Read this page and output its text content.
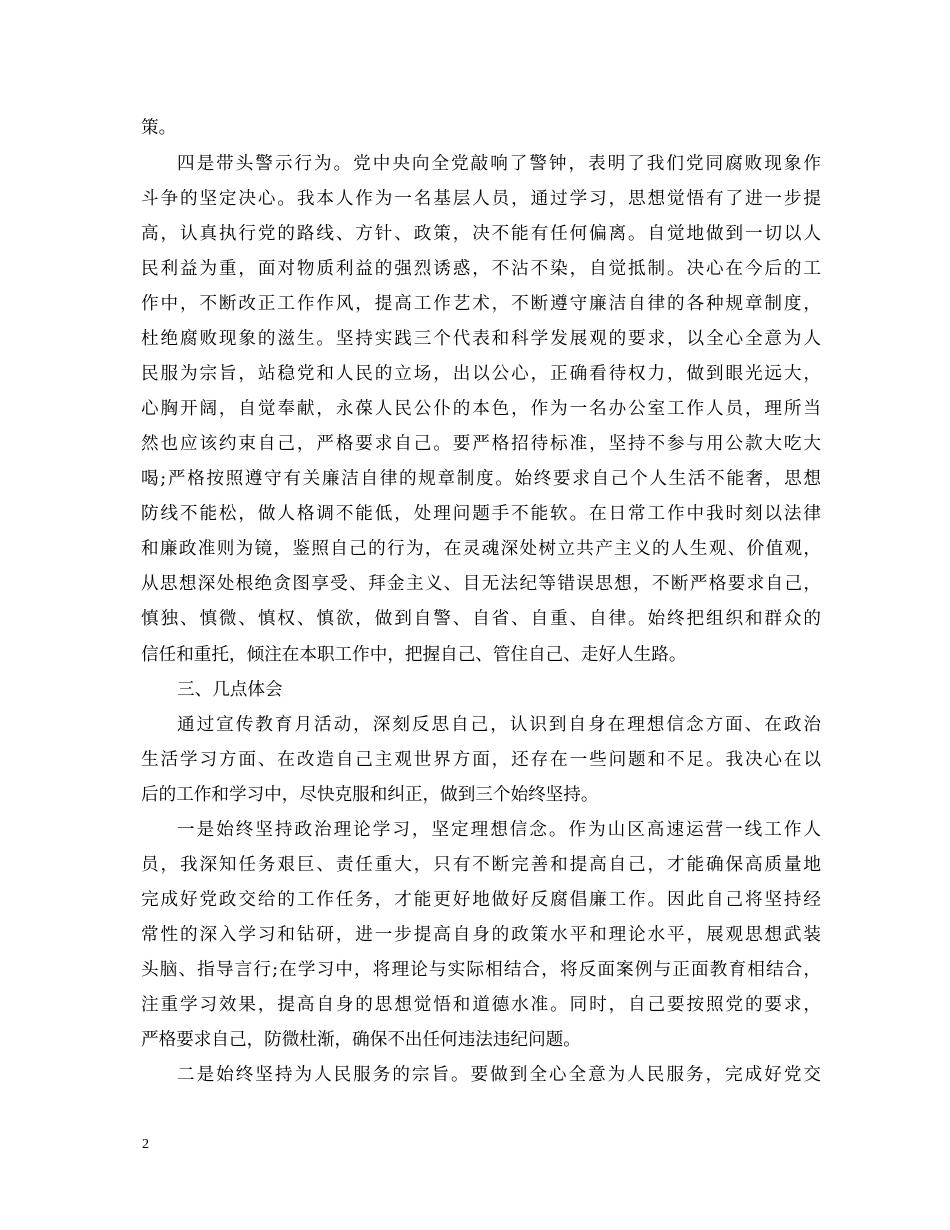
策。
四是带头警示行为。党中央向全党敲响了警钟，表明了我们党同腐败现象作
斗争的坚定决心。我本人作为一名基层人员，通过学习，思想觉悟有了进一步提
高，认真执行党的路线、方针、政策，决不能有任何偏离。自觉地做到一切以人
民利益为重，面对物质利益的强烈诱惑，不沾不染，自觉抵制。决心在今后的工
作中，不断改正工作作风，提高工作艺术，不断遵守廉洁自律的各种规章制度，
杜绝腐败现象的滋生。坚持实践三个代表和科学发展观的要求，以全心全意为人
民服为宗旨，站稳党和人民的立场，出以公心，正确看待权力，做到眼光远大，
心胸开阔，自觉奉献，永葆人民公仆的本色，作为一名办公室工作人员，理所当
然也应该约束自己，严格要求自己。要严格招待标准，坚持不参与用公款大吃大
喝;严格按照遵守有关廉洁自律的规章制度。始终要求自己个人生活不能奢，思想
防线不能松，做人格调不能低，处理问题手不能软。在日常工作中我时刻以法律
和廉政准则为镜，鉴照自己的行为，在灵魂深处树立共产主义的人生观、价值观，
从思想深处根绝贪图享受、拜金主义、目无法纪等错误思想，不断严格要求自己，
慎独、慎微、慎权、慎欲，做到自警、自省、自重、自律。始终把组织和群众的
信任和重托，倾注在本职工作中，把握自己、管住自己、走好人生路。
三、几点体会
通过宣传教育月活动，深刻反思自己，认识到自身在理想信念方面、在政治
生活学习方面、在改造自己主观世界方面，还存在一些问题和不足。我决心在以
后的工作和学习中，尽快克服和纠正，做到三个始终坚持。
一是始终坚持政治理论学习，坚定理想信念。作为山区高速运营一线工作人
员，我深知任务艰巨、责任重大，只有不断完善和提高自己，才能确保高质量地
完成好党政交给的工作任务，才能更好地做好反腐倡廉工作。因此自己将坚持经
常性的深入学习和钻研，进一步提高自身的政策水平和理论水平，展观思想武装
头脑、指导言行;在学习中，将理论与实际相结合，将反面案例与正面教育相结合，
注重学习效果，提高自身的思想觉悟和道德水准。同时，自己要按照党的要求，
严格要求自己，防微杜渐，确保不出任何违法违纪问题。
二是始终坚持为人民服务的宗旨。要做到全心全意为人民服务，完成好党交
2
